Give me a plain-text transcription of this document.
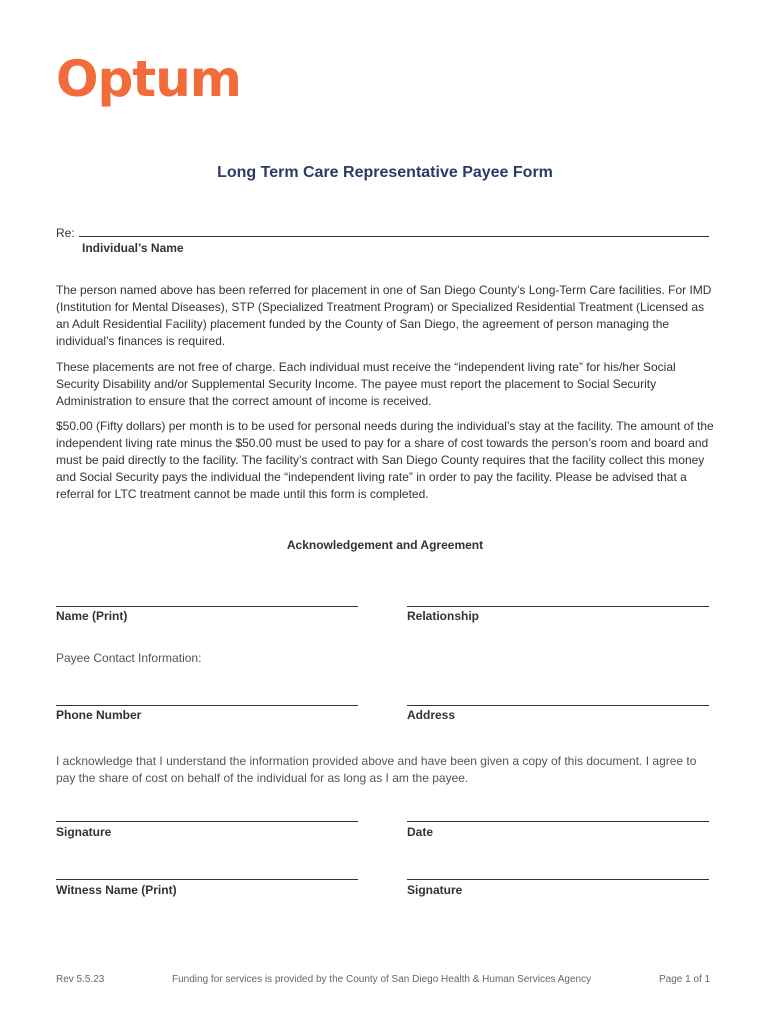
Optum
Long Term Care Representative Payee Form
Re:
Individual’s Name

The person named above has been referred for placement in one of San Diego County’s Long-Term Care facilities. For IMD (Institution for Mental Diseases), STP (Specialized Treatment Program) or Specialized Residential Treatment (Licensed as an Adult Residential Facility) placement funded by the County of San Diego, the agreement of person managing the individual’s finances is required.

These placements are not free of charge. Each individual must receive the “independent living rate” for his/her Social Security Disability and/or Supplemental Security Income. The payee must report the placement to Social Security Administration to ensure that the correct amount of income is received.

$50.00 (Fifty dollars) per month is to be used for personal needs during the individual’s stay at the facility. The amount of the independent living rate minus the $50.00 must be used to pay for a share of cost towards the person’s room and board and must be paid directly to the facility. The facility’s contract with San Diego County requires that the facility collect this money and Social Security pays the individual the “independent living rate” in order to pay the facility. Please be advised that a referral for LTC treatment cannot be made until this form is completed.

Acknowledgement and Agreement
Name (Print)	Relationship
Payee Contact Information:
Phone Number	Address

I acknowledge that I understand the information provided above and have been given a copy of this document. I agree to pay the share of cost on behalf of the individual for as long as I am the payee.

Signature	Date
Witness Name (Print)	Signature
Rev 5.5.23	Funding for services is provided by the County of San Diego Health & Human Services Agency	Page 1 of 1
